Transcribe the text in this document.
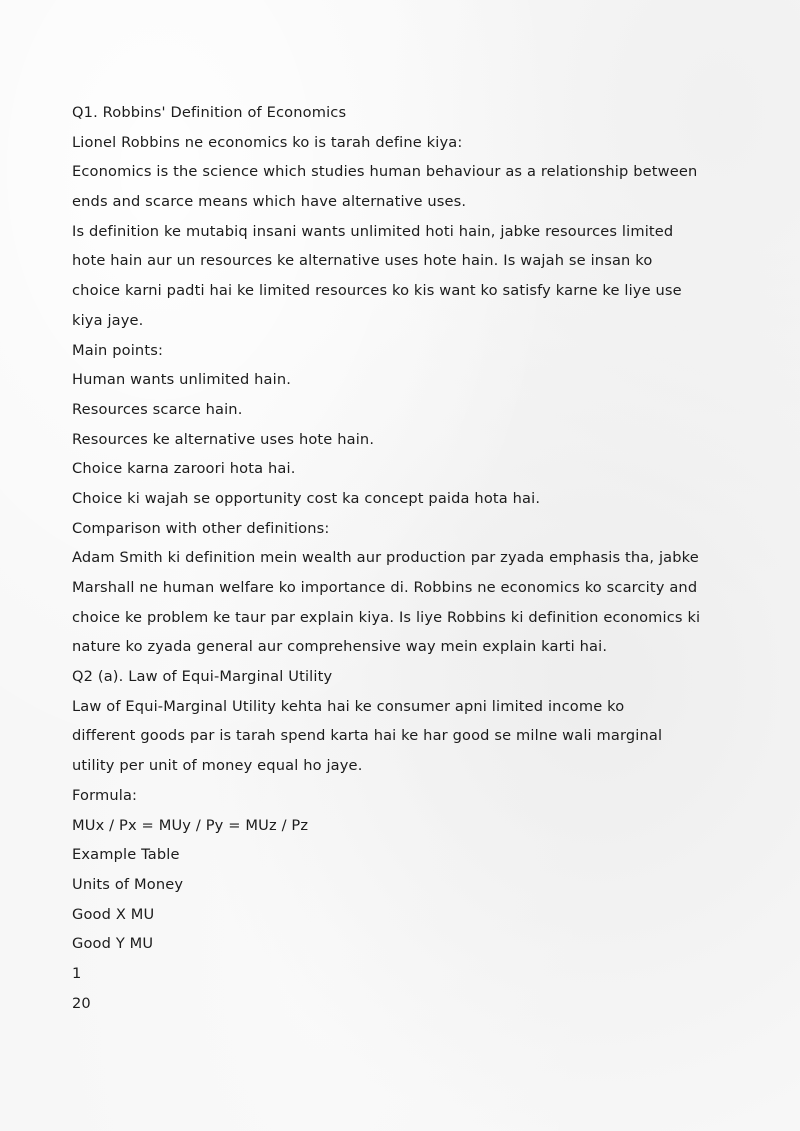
Q1. Robbins' Definition of Economics
Lionel Robbins ne economics ko is tarah define kiya:
Economics is the science which studies human behaviour as a relationship between
ends and scarce means which have alternative uses.
Is definition ke mutabiq insani wants unlimited hoti hain, jabke resources limited
hote hain aur un resources ke alternative uses hote hain. Is wajah se insan ko
choice karni padti hai ke limited resources ko kis want ko satisfy karne ke liye use
kiya jaye.
Main points:
Human wants unlimited hain.
Resources scarce hain.
Resources ke alternative uses hote hain.
Choice karna zaroori hota hai.
Choice ki wajah se opportunity cost ka concept paida hota hai.
Comparison with other definitions:
Adam Smith ki definition mein wealth aur production par zyada emphasis tha, jabke
Marshall ne human welfare ko importance di. Robbins ne economics ko scarcity and
choice ke problem ke taur par explain kiya. Is liye Robbins ki definition economics ki
nature ko zyada general aur comprehensive way mein explain karti hai.
Q2 (a). Law of Equi-Marginal Utility
Law of Equi-Marginal Utility kehta hai ke consumer apni limited income ko
different goods par is tarah spend karta hai ke har good se milne wali marginal
utility per unit of money equal ho jaye.
Formula:
MUx / Px = MUy / Py = MUz / Pz
Example Table
Units of Money
Good X MU
Good Y MU
1
20
